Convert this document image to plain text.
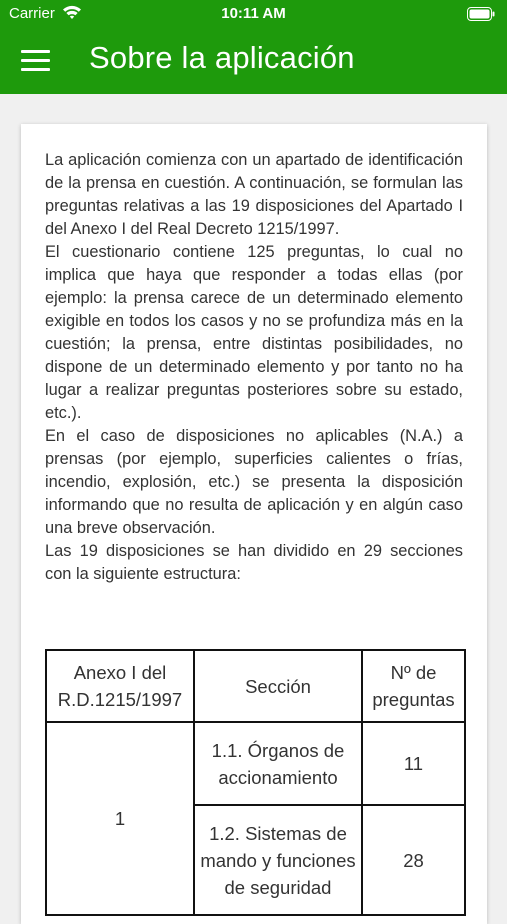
Carrier	10:11 AM
Sobre la aplicación

La aplicación comienza con un apartado de identificación de la prensa en cuestión. A continuación, se formulan las preguntas relativas a las 19 disposiciones del Apartado I del Anexo I del Real Decreto 1215/1997.

El cuestionario contiene 125 preguntas, lo cual no implica que haya que responder a todas ellas (por ejemplo: la prensa carece de un determinado elemento exigible en todos los casos y no se profundiza más en la cuestión; la prensa, entre distintas posibilidades, no dispone de un determinado elemento y por tanto no ha lugar a realizar preguntas posteriores sobre su estado, etc.).

En el caso de disposiciones no aplicables (N.A.) a prensas (por ejemplo, superficies calientes o frías, incendio, explosión, etc.) se presenta la disposición informando que no resulta de aplicación y en algún caso una breve observación.

Las 19 disposiciones se han dividido en 29 secciones con la siguiente estructura:

Anexo I del R.D.1215/1997	Sección	Nº de preguntas
1	1.1. Órganos de accionamiento	11
	1.2. Sistemas de mando y funciones de seguridad	28
